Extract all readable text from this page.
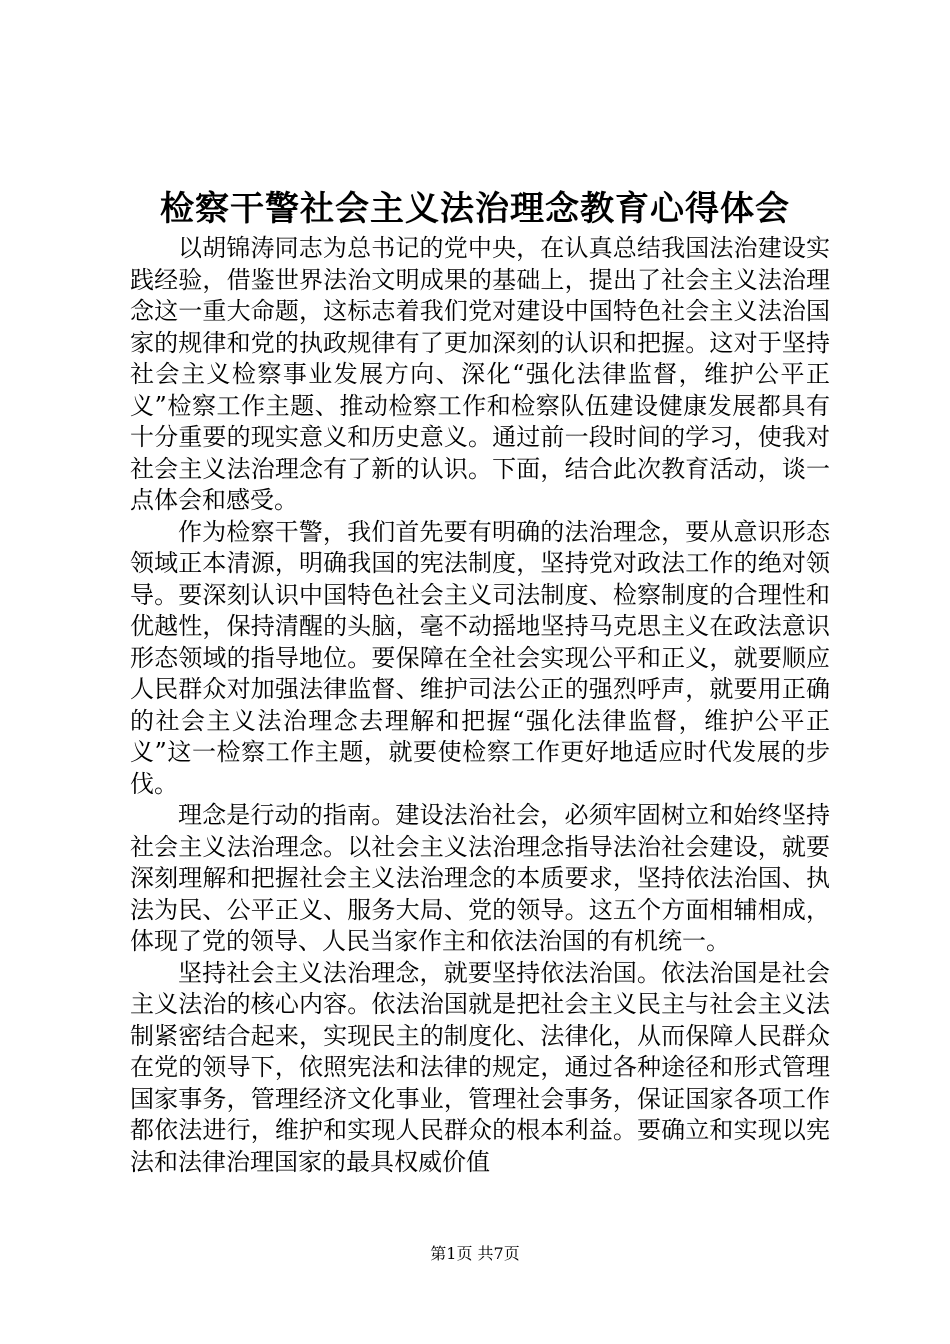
检察干警社会主义法治理念教育心得体会

以胡锦涛同志为总书记的党中央，在认真总结我国法治建设实践经验，借鉴世界法治文明成果的基础上，提出了社会主义法治理念这一重大命题，这标志着我们党对建设中国特色社会主义法治国家的规律和党的执政规律有了更加深刻的认识和把握。这对于坚持社会主义检察事业发展方向、深化“强化法律监督，维护公平正义”检察工作主题、推动检察工作和检察队伍建设健康发展都具有十分重要的现实意义和历史意义。通过前一段时间的学习，使我对社会主义法治理念有了新的认识。下面，结合此次教育活动，谈一点体会和感受。

作为检察干警，我们首先要有明确的法治理念，要从意识形态领域正本清源，明确我国的宪法制度，坚持党对政法工作的绝对领导。要深刻认识中国特色社会主义司法制度、检察制度的合理性和优越性，保持清醒的头脑，毫不动摇地坚持马克思主义在政法意识形态领域的指导地位。要保障在全社会实现公平和正义，就要顺应人民群众对加强法律监督、维护司法公正的强烈呼声，就要用正确的社会主义法治理念去理解和把握“强化法律监督，维护公平正义”这一检察工作主题，就要使检察工作更好地适应时代发展的步伐。

理念是行动的指南。建设法治社会，必须牢固树立和始终坚持社会主义法治理念。以社会主义法治理念指导法治社会建设，就要深刻理解和把握社会主义法治理念的本质要求，坚持依法治国、执法为民、公平正义、服务大局、党的领导。这五个方面相辅相成，体现了党的领导、人民当家作主和依法治国的有机统一。

坚持社会主义法治理念，就要坚持依法治国。依法治国是社会主义法治的核心内容。依法治国就是把社会主义民主与社会主义法制紧密结合起来，实现民主的制度化、法律化，从而保障人民群众在党的领导下，依照宪法和法律的规定，通过各种途径和形式管理国家事务，管理经济文化事业，管理社会事务，保证国家各项工作都依法进行，维护和实现人民群众的根本利益。要确立和实现以宪法和法律治理国家的最具权威价值

第1页 共7页
